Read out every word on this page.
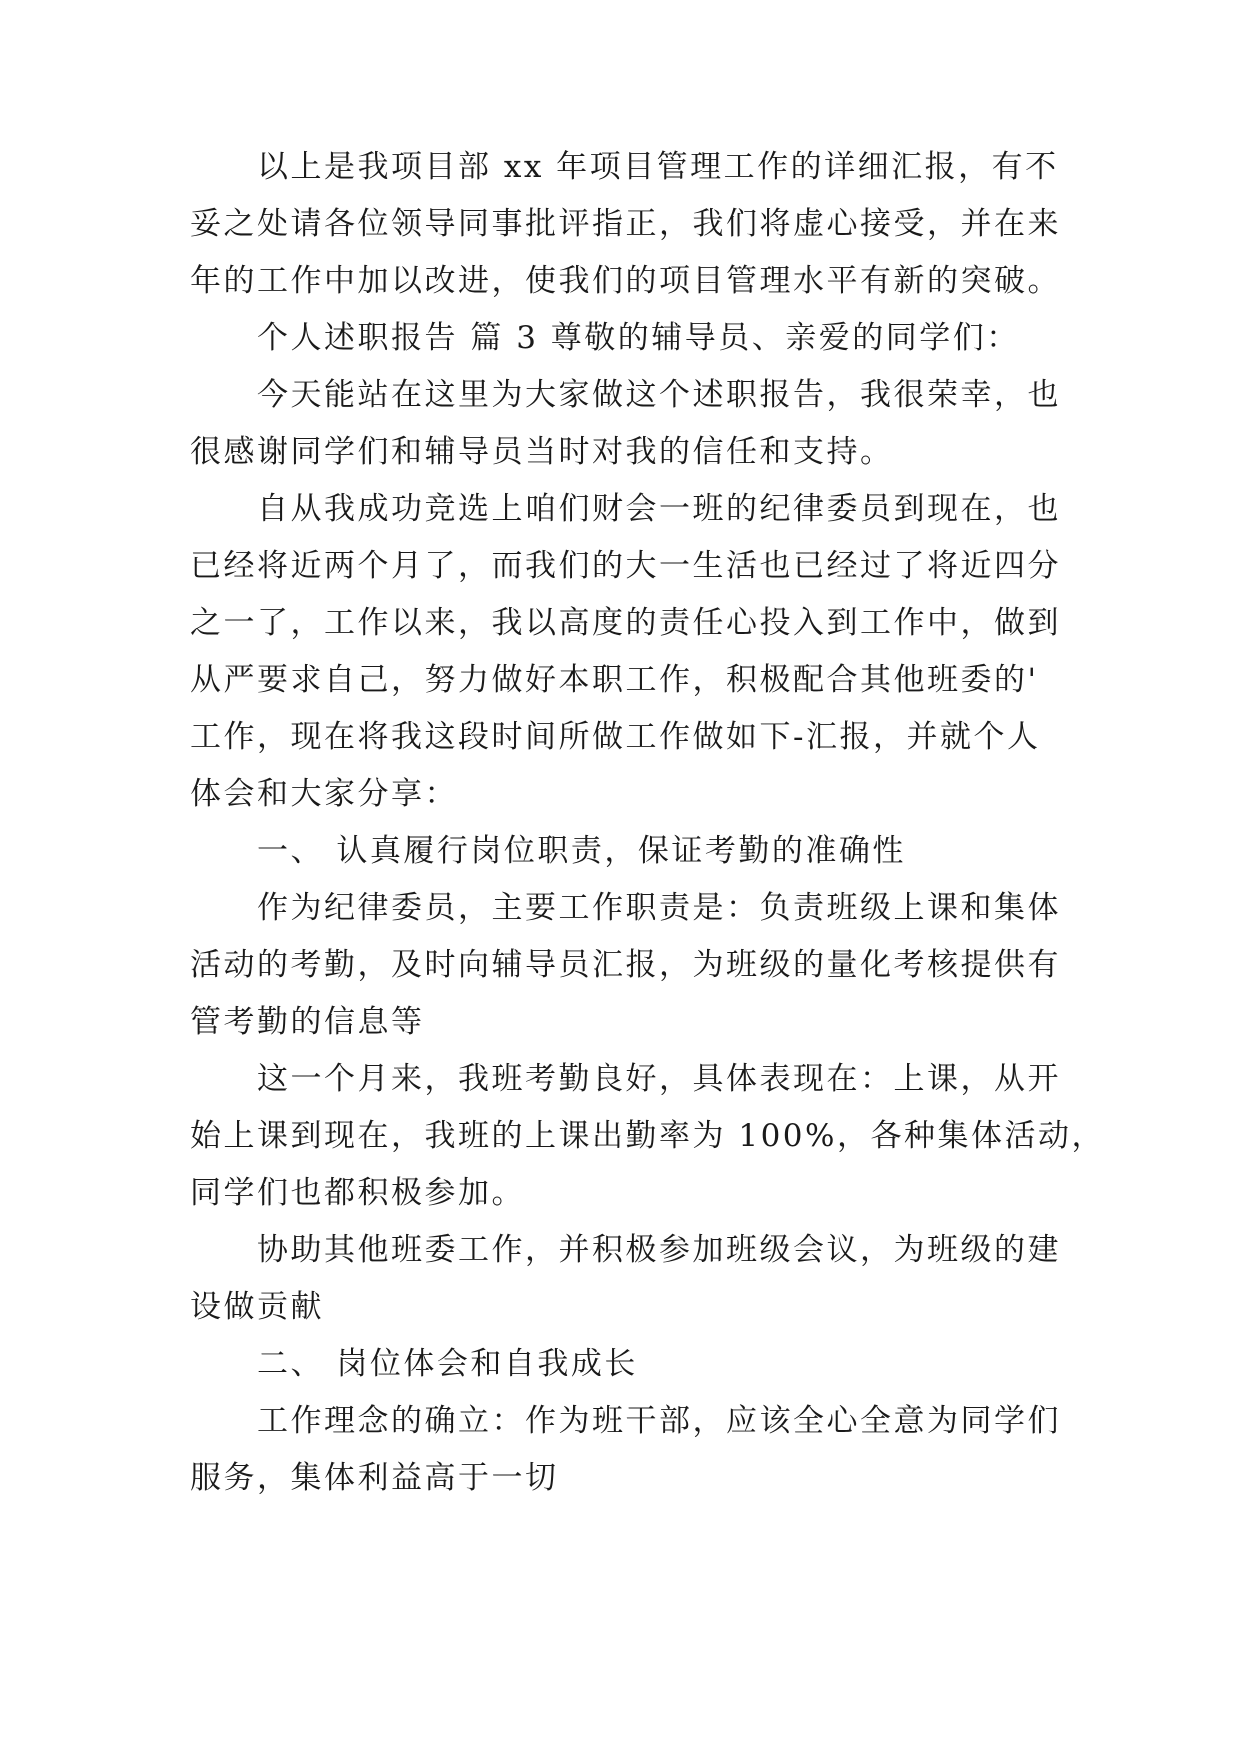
以上是我项目部 xx 年项目管理工作的详细汇报，有不

妥之处请各位领导同事批评指正，我们将虚心接受，并在来

年的工作中加以改进，使我们的项目管理水平有新的突破。

个人述职报告 篇 3 尊敬的辅导员、亲爱的同学们：

今天能站在这里为大家做这个述职报告，我很荣幸，也

很感谢同学们和辅导员当时对我的信任和支持。

自从我成功竞选上咱们财会一班的纪律委员到现在，也

已经将近两个月了，而我们的大一生活也已经过了将近四分

之一了，工作以来，我以高度的责任心投入到工作中，做到

从严要求自己，努力做好本职工作，积极配合其他班委的'

工作，现在将我这段时间所做工作做如下-汇报，并就个人

体会和大家分享：

一、 认真履行岗位职责，保证考勤的准确性

作为纪律委员，主要工作职责是：负责班级上课和集体

活动的考勤，及时向辅导员汇报，为班级的量化考核提供有

管考勤的信息等

这一个月来，我班考勤良好，具体表现在：上课，从开

始上课到现在，我班的上课出勤率为 100%，各种集体活动，

同学们也都积极参加。

协助其他班委工作，并积极参加班级会议，为班级的建

设做贡献

二、 岗位体会和自我成长

工作理念的确立：作为班干部，应该全心全意为同学们

服务，集体利益高于一切
